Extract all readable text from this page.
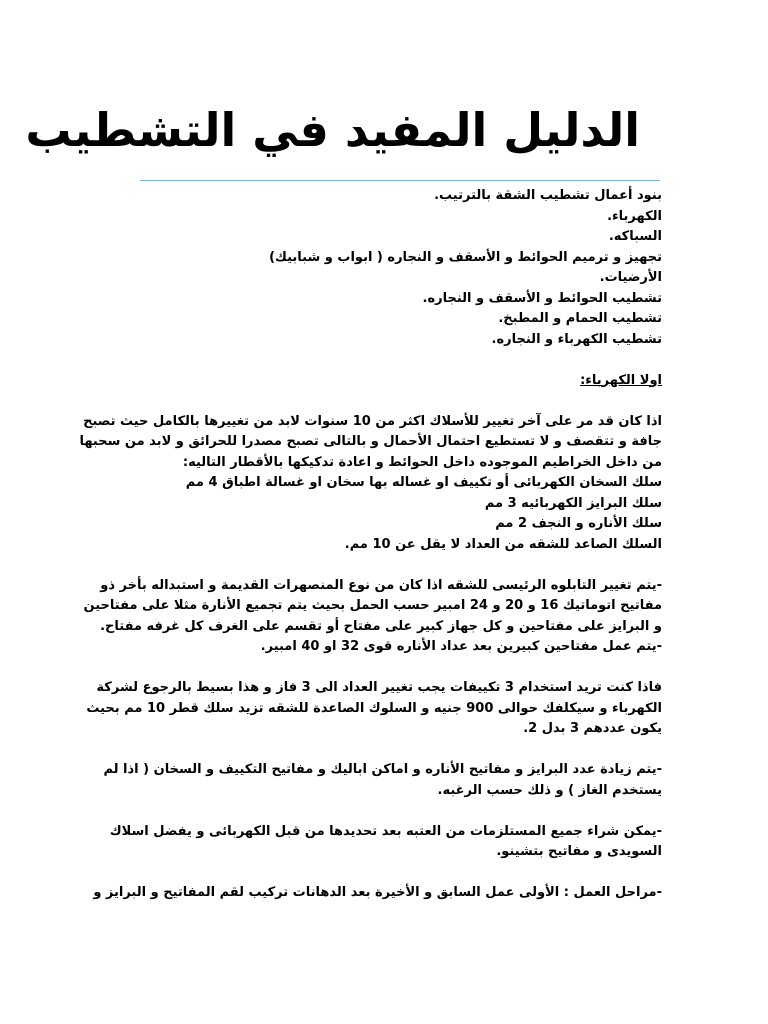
الدليل المفيد في التشطيب

بنود أعمال تشطيب الشقة بالترتيب.

الكهرباء.

السباكه.

تجهيز و ترميم الحوائط و الأسقف و النجاره ( ابواب و شبابيك)

الأرضيات.

تشطيب الحوائط و الأسقف و النجاره.

تشطيب الحمام و المطبخ.

تشطيب الكهرباء و النجاره.

اولا الكهرباء:

اذا كان قد مر على آخر تغيير للأسلاك اكثر من 10 سنوات لابد من تغييرها بالكامل حيث تصبح

جافة و تتقصف و لا تستطيع احتمال الأحمال و بالتالى تصبح مصدرا للحرائق و لابد من سحبها

من داخل الخراطيم الموجوده داخل الحوائط و اعادة تدكيكها بالأقطار التاليه:

سلك السخان الكهربائى أو تكييف او غساله بها سخان او غسالة اطباق 4 مم

سلك البرايز الكهربائيه 3 مم

سلك الأناره و النجف 2 مم

السلك الصاعد للشقه من العداد لا يقل عن 10 مم.

-يتم تغيير التابلوه الرئيسى للشقه اذا كان من نوع المنصهرات القديمة و استبداله بأخر ذو

مفاتيح اتوماتيك 16 و 20 و 24 امبير حسب الحمل بحيث يتم تجميع الأنارة مثلا على مفتاحين

و البرايز على مفتاحين و كل جهاز كبير على مفتاح أو تقسم على الغرف كل غرفه مفتاح.

-يتم عمل مفتاحين كبيرين بعد عداد الأناره قوى 32 او 40 امبير.

فاذا كنت تريد استخدام 3 تكييفات يجب تغيير العداد الى 3 فاز و هذا بسيط بالرجوع لشركة

الكهرباء و سيكلفك حوالى 900 جنيه و السلوك الصاعدة للشقه تزيد سلك قطر 10 مم بحيث

يكون عددهم 3 بدل 2.

-يتم زيادة عدد البرايز و مفاتيح الأناره و اماكن اباليك و مفاتيح التكييف و السخان ( اذا لم

يستخدم الغاز ) و ذلك حسب الرغبه.

-يمكن شراء جميع المستلزمات من العتبه بعد تحديدها من قبل الكهربائى و يفضل اسلاك

السويدى و مفاتيح بتشينو.

-مراحل العمل : الأولى عمل السابق و الأخيرة بعد الدهانات تركيب لقم المفاتيح و البرايز و
